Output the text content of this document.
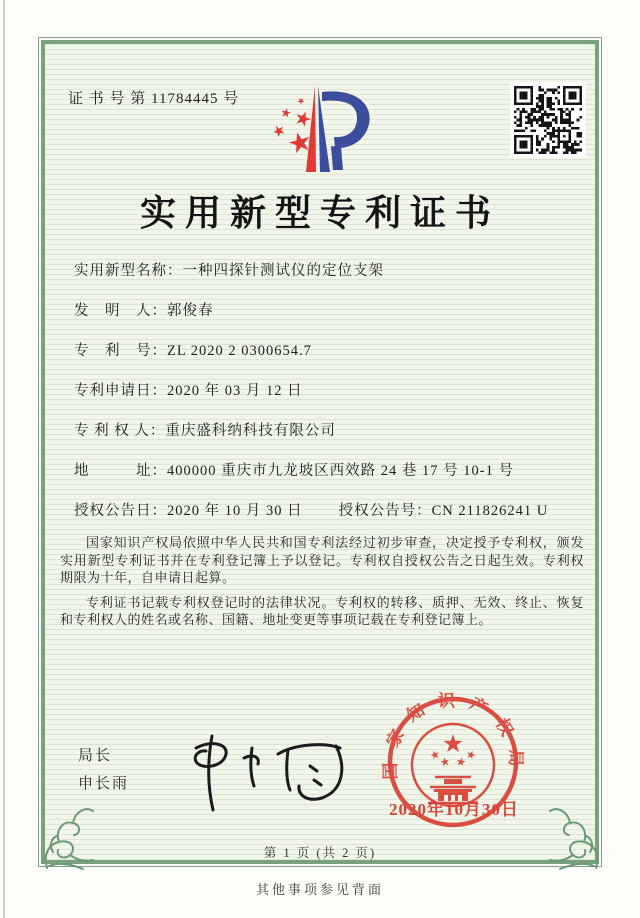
证 书 号 第 11784445 号
实用新型专利证书
实用新型名称：一种四探针测试仪的定位支架
发　明　人：郭俊春
专　利　号：ZL 2020 2 0300654.7
专利申请日：2020 年 03 月 12 日
专 利 权 人：重庆盛科纳科技有限公司
地　　　址：400000 重庆市九龙坡区西效路 24 巷 17 号 10-1 号
授权公告日：2020 年 10 月 30 日 授权公告号：CN 211826241 U

国家知识产权局依照中华人民共和国专利法经过初步审查，决定授予专利权，颁发实用新型专利证书并在专利登记簿上予以登记。专利权自授权公告之日起生效。专利权期限为十年，自申请日起算。

专利证书记载专利权登记时的法律状况。专利权的转移、质押、无效、终止、恢复和专利权人的姓名或名称、国籍、地址变更等事项记载在专利登记簿上。

局长
申长雨
国家知识产权局
2020年10月30日
第 1 页 (共 2 页)
其他事项参见背面
